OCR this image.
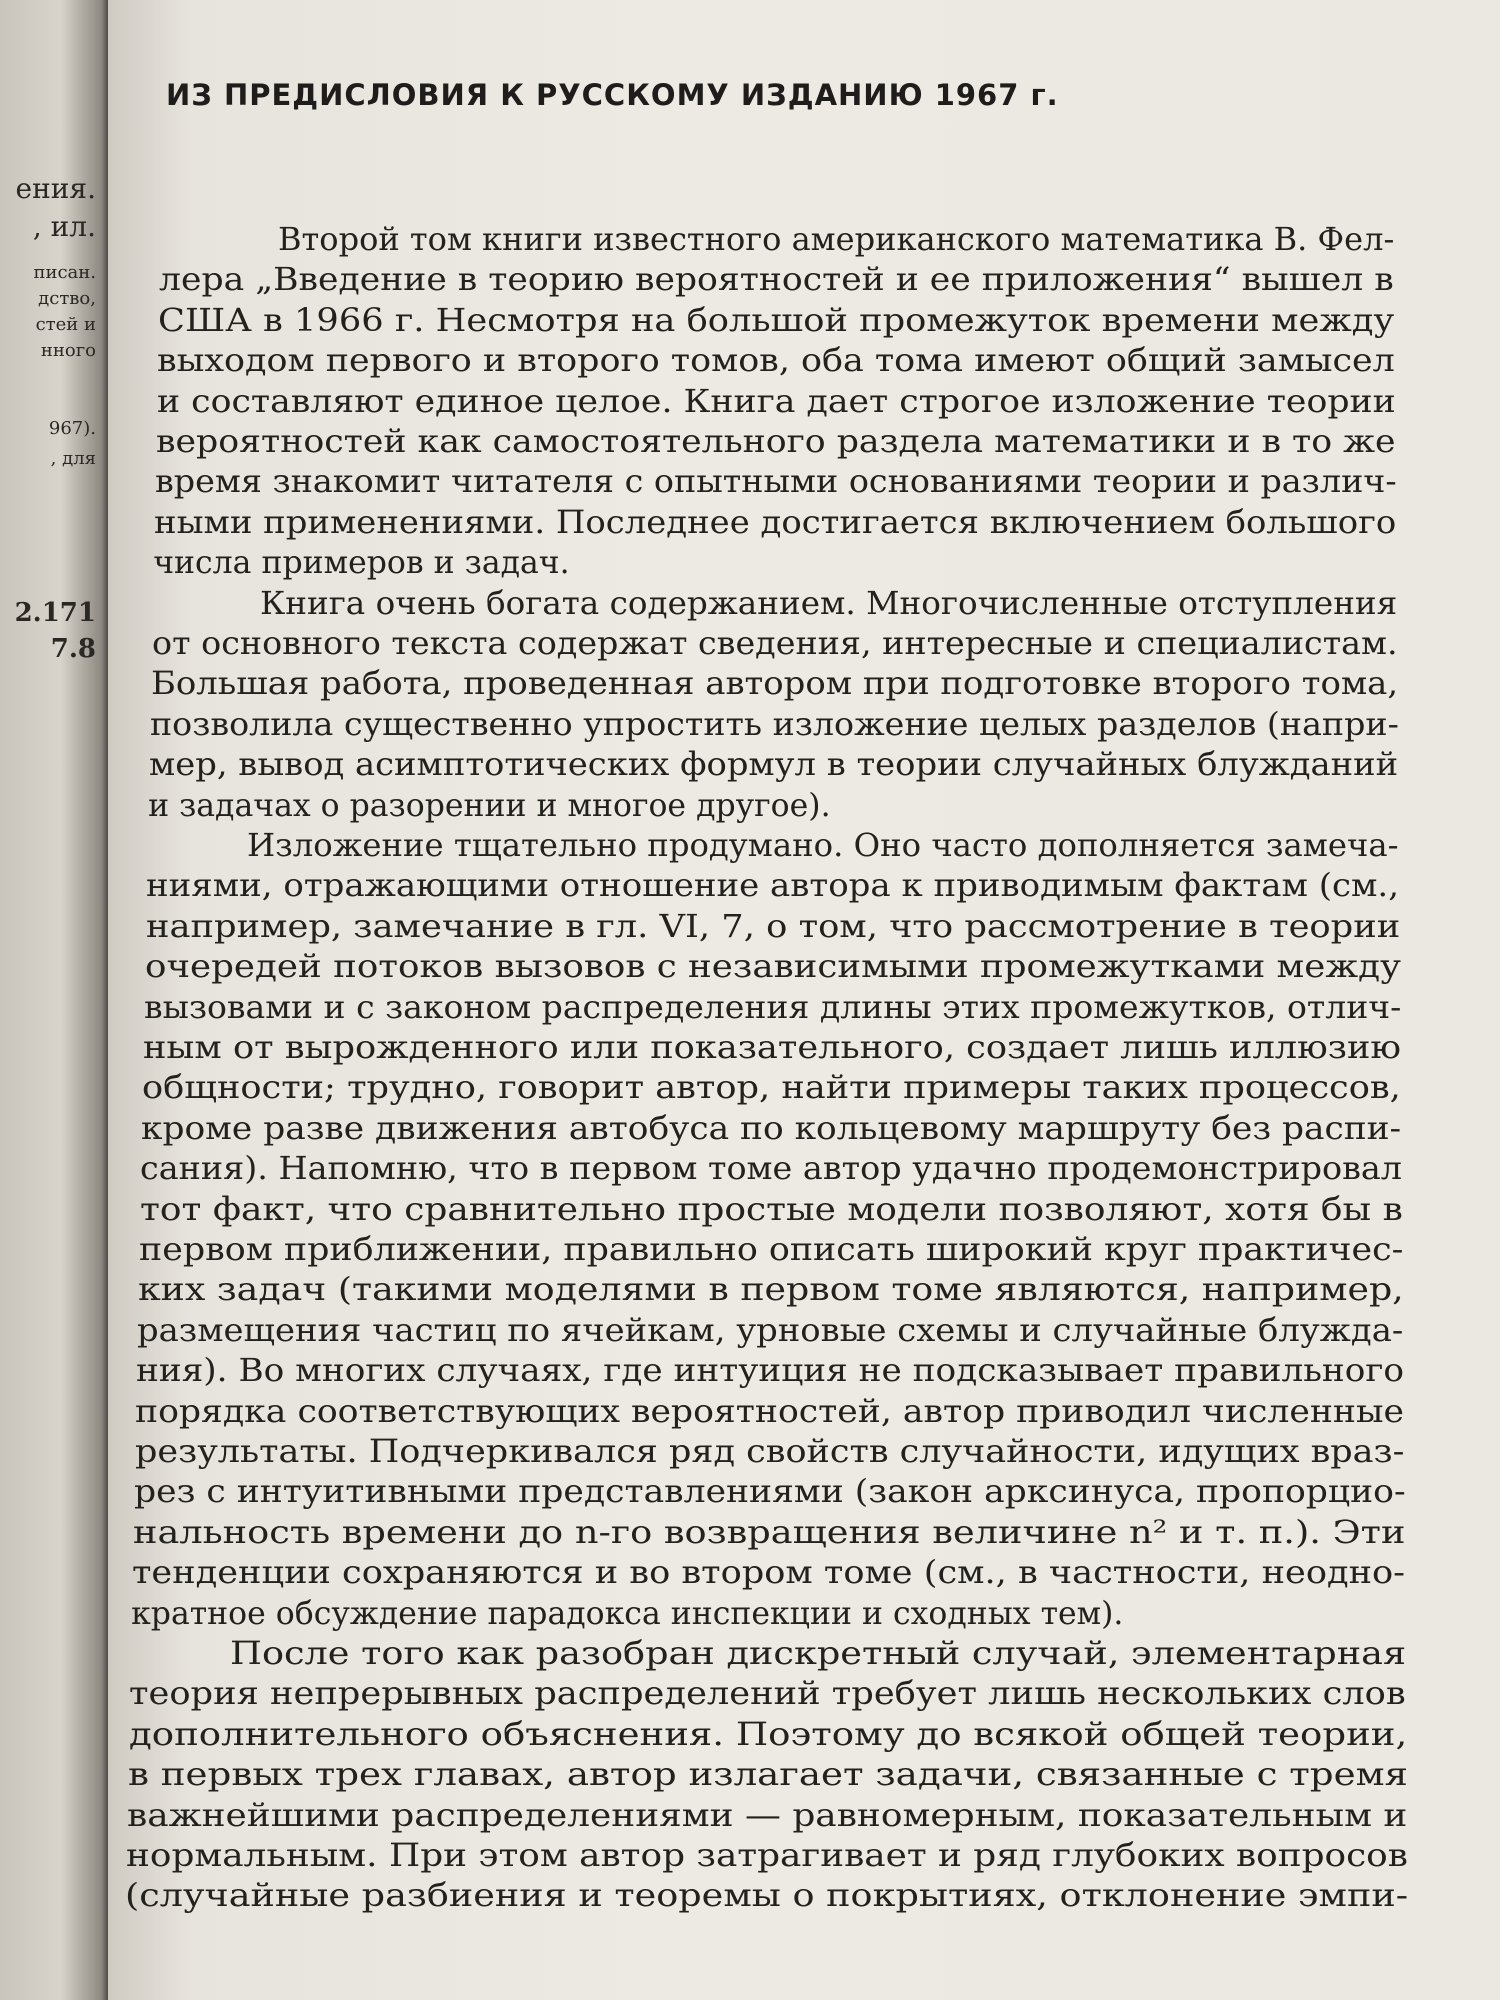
ения.
, ил.
писан.
дство,
стей и
нного
967).
, для
2.171
7.8
ИЗ ПРЕДИСЛОВИЯ К РУССКОМУ ИЗДАНИЮ 1967 г.
Второй том книги известного американского математика В. Фел-
лера „Введение в теорию вероятностей и ее приложения“ вышел в
США в 1966 г. Несмотря на большой промежуток времени между
выходом первого и второго томов, оба тома имеют общий замысел
и составляют единое целое. Книга дает строгое изложение теории
вероятностей как самостоятельного раздела математики и в то же
время знакомит читателя с опытными основаниями теории и различ-
ными применениями. Последнее достигается включением большого
числа примеров и задач.
Книга очень богата содержанием. Многочисленные отступления
от основного текста содержат сведения, интересные и специалистам.
Большая работа, проведенная автором при подготовке второго тома,
позволила существенно упростить изложение целых разделов (напри-
мер, вывод асимптотических формул в теории случайных блужданий
и задачах о разорении и многое другое).
Изложение тщательно продумано. Оно часто дополняется замеча-
ниями, отражающими отношение автора к приводимым фактам (см.,
например, замечание в гл. VI, 7, о том, что рассмотрение в теории
очередей потоков вызовов с независимыми промежутками между
вызовами и с законом распределения длины этих промежутков, отлич-
ным от вырожденного или показательного, создает лишь иллюзию
общности; трудно, говорит автор, найти примеры таких процессов,
кроме разве движения автобуса по кольцевому маршруту без распи-
сания). Напомню, что в первом томе автор удачно продемонстрировал
тот факт, что сравнительно простые модели позволяют, хотя бы в
первом приближении, правильно описать широкий круг практичес-
ких задач (такими моделями в первом томе являются, например,
размещения частиц по ячейкам, урновые схемы и случайные блужда-
ния). Во многих случаях, где интуиция не подсказывает правильного
порядка соответствующих вероятностей, автор приводил численные
результаты. Подчеркивался ряд свойств случайности, идущих враз-
рез с интуитивными представлениями (закон арксинуса, пропорцио-
нальность времени до n-го возвращения величине n² и т. п.). Эти
тенденции сохраняются и во втором томе (см., в частности, неоднo-
кратное обсуждение парадокса инспекции и сходных тем).
После того как разобран дискретный случай, элементарная
теория непрерывных распределений требует лишь нескольких слов
дополнительного объяснения. Поэтому до всякой общей теории,
в первых трех главах, автор излагает задачи, связанные с тремя
важнейшими распределениями — равномерным, показательным и
нормальным. При этом автор затрагивает и ряд глубоких вопросов
(случайные разбиения и теоремы о покрытиях, отклонение эмпи-
